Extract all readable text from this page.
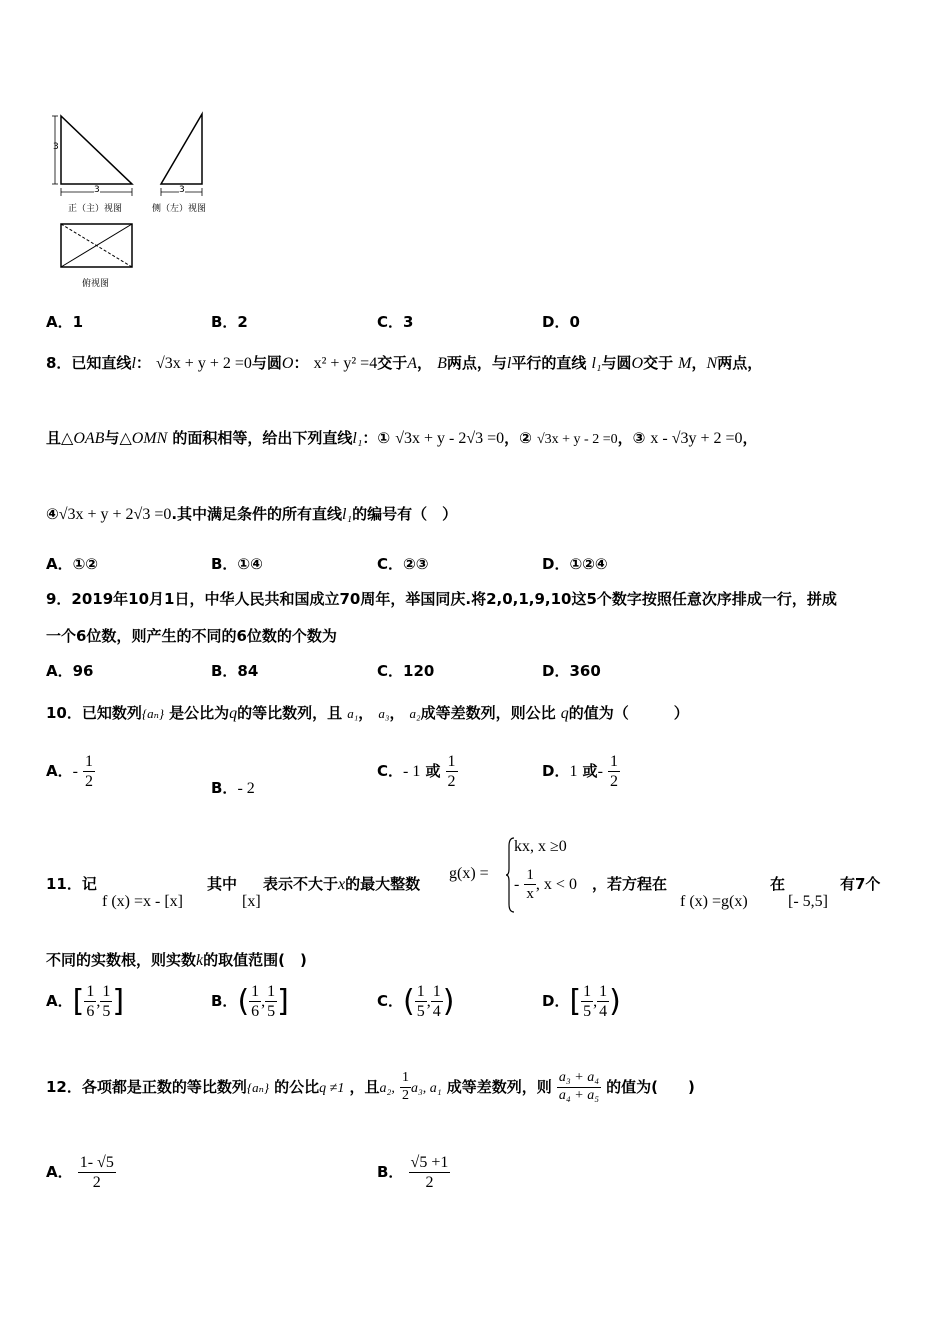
3
3	3
正（主）视图	侧（左）视图
俯视图
A．1	B．2	C．3	D．0
8．已知直线l： √3x + y + 2 =0与圆O： x² + y² =4交于A， B两点，与l平行的直线 l₁与圆O交于 M，N两点，
且△OAB与△OMN 的面积相等，给出下列直线l₁：① √3x + y - 2√3 =0，② √3x + y - 2 =0，③ x - √3y + 2 =0，
④√3x + y + 2√3 =0.其中满足条件的所有直线l₁的编号有（　）
A．①②	B．①④	C．②③	D．①②④
9．2019年10月1日，中华人民共和国成立70周年，举国同庆.将2,0,1,9,10这5个数字按照任意次序排成一行，拼成
一个6位数，则产生的不同的6位数的个数为
A．96	B．84	C．120	D．360
10．已知数列{aₙ} 是公比为q的等比数列，且 a₁， a₃， a₂成等差数列，则公比 q的值为（　　　）
A．- $\frac{1}{2}$	B．- 2
C．- 1 或 $\frac{1}{2}$	D．1 或- $\frac{1}{2}$
11．记
f (x) =x - [x]
其中
[x]
表示不大于x的最大整数
g(x) =
kx, x ≥0
- $\frac{1}{x}$ , x < 0 ，若方程在
f (x) =g(x)
在
[- 5,5]
有7个
不同的实数根，则实数k的取值范围(　)
A．[ $\frac{1}{6}$ , $\frac{1}{5}$ ]	B．( $\frac{1}{6}$ , $\frac{1}{5}$ ]	C．( $\frac{1}{5}$ , $\frac{1}{4}$ )	D．[ $\frac{1}{5}$ , $\frac{1}{4}$ )
12．各项都是正数的等比数列{aₙ} 的公比q ≠1 ，且a₂, $\frac{1}{2} a_3$, a₁ 成等差数列，则 $\frac{\text{a₃ + a₄}}{\text{a₄ + a₅}}$ 的值为(　　)
A． $\frac{1- √5}{2}$	B． $\frac{√5 +1}{2}$
